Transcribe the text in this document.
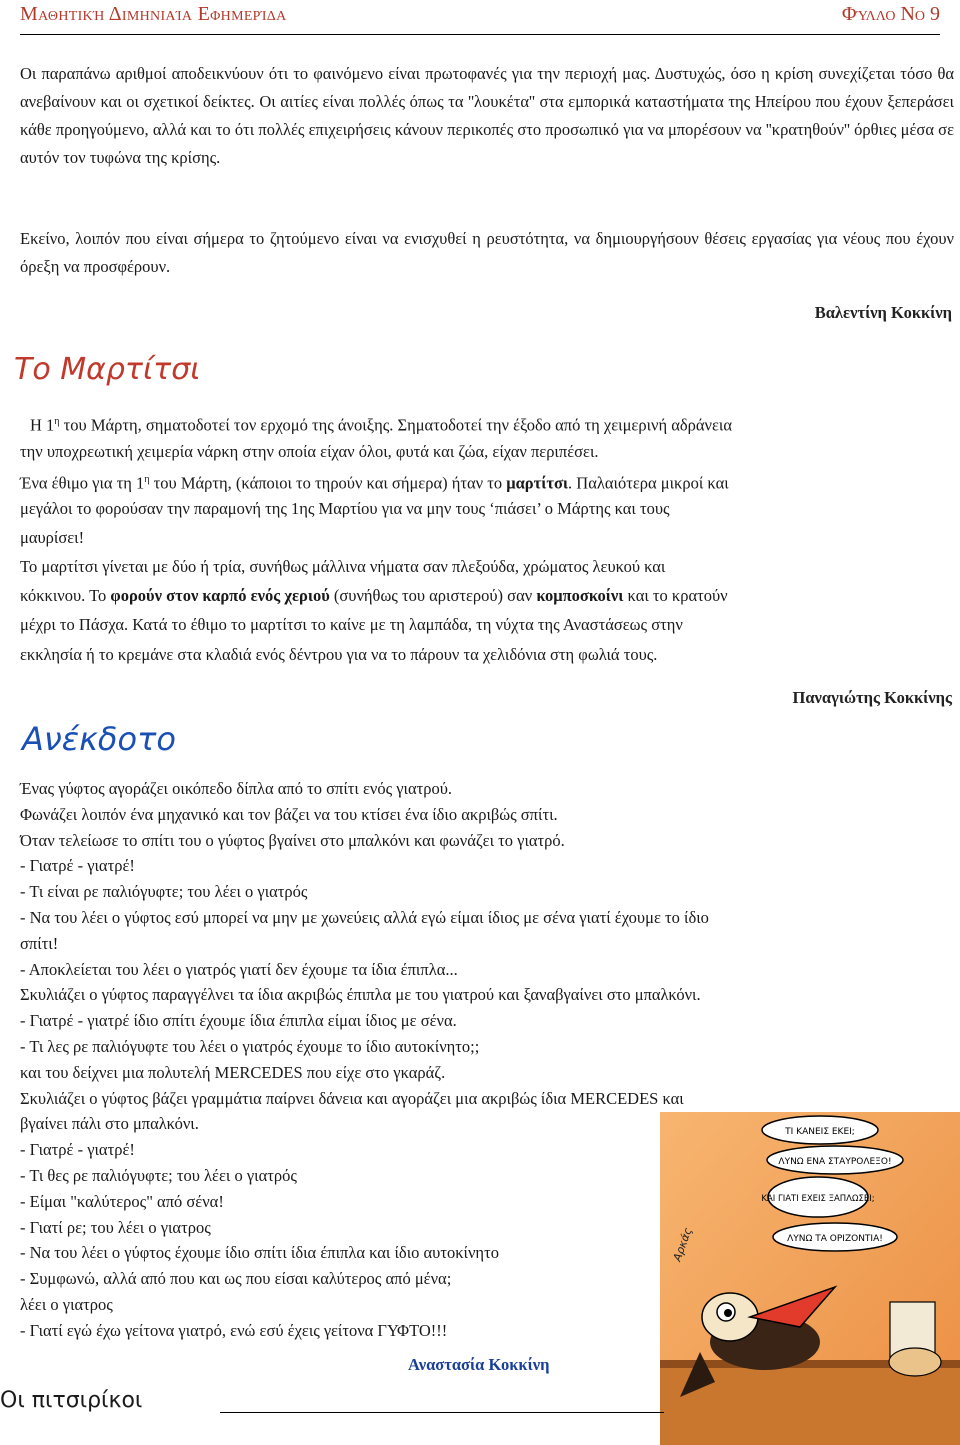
Μαθητική Διμηνιαία Εφημερίδα	Φύλλο Νο 9
Οι παραπάνω αριθμοί αποδεικνύουν ότι το φαινόμενο είναι πρωτοφανές για την περιοχή μας. Δυστυχώς, όσο η κρίση συνεχίζεται τόσο θα ανεβαίνουν και οι σχετικοί δείκτες. Οι αιτίες είναι πολλές όπως τα ''λουκέτα'' στα εμπορικά καταστήματα της Ηπείρου που έχουν ξεπεράσει κάθε προηγούμενο, αλλά και το ότι πολλές επιχειρήσεις κάνουν περικοπές στο προσωπικό για να μπορέσουν να ''κρατηθούν'' όρθιες μέσα σε αυτόν τον τυφώνα της κρίσης.
Εκείνο, λοιπόν που είναι σήμερα το ζητούμενο είναι να ενισχυθεί η ρευστότητα, να δημιουργήσουν θέσεις εργασίας για νέους που έχουν όρεξη να προσφέρουν.
Βαλεντίνη Κοκκίνη
Το Μαρτίτσι
Η $1^\eta$ του Μάρτη, σηματοδοτεί τον ερχομό της άνοιξης. Σηματοδοτεί την έξοδο από τη χειμερινή αδράνεια
την υποχρεωτική χειμερία νάρκη στην οποία είχαν όλοι, φυτά και ζώα, είχαν περιπέσει.
Ένα έθιμο για τη $1^\eta$ του Μάρτη, (κάποιοι το τηρούν και σήμερα) ήταν το μαρτίτσι. Παλαιότερα μικροί και
μεγάλοι το φορούσαν την παραμονή της 1ης Μαρτίου για να μην τους ‘πιάσει’ ο Μάρτης και τους
μαυρίσει!
Το μαρτίτσι γίνεται με δύο ή τρία, συνήθως μάλλινα νήματα σαν πλεξούδα, χρώματος λευκού και
κόκκινου. Το φορούν στον καρπό ενός χεριού (συνήθως του αριστερού) σαν κομποσκοίνι και το κρατούν
μέχρι το Πάσχα. Κατά το έθιμο το μαρτίτσι το καίνε με τη λαμπάδα, τη νύχτα της Αναστάσεως στην
εκκλησία ή το κρεμάνε στα κλαδιά ενός δέντρου για να το πάρουν τα χελιδόνια στη φωλιά τους.
Παναγιώτης Κοκκίνης
Ανέκδοτο
Ένας γύφτος αγοράζει οικόπεδο δίπλα από το σπίτι ενός γιατρού.
Φωνάζει λοιπόν ένα μηχανικό και τον βάζει να του κτίσει ένα ίδιο ακριβώς σπίτι.
Όταν τελείωσε το σπίτι του ο γύφτος βγαίνει στο μπαλκόνι και φωνάζει το γιατρό.
- Γιατρέ - γιατρέ!
- Τι είναι ρε παλιόγυφτε; του λέει ο γιατρός
- Να του λέει ο γύφτος εσύ μπορεί να μην με χωνεύεις αλλά εγώ είμαι ίδιος με σένα γιατί έχουμε το ίδιο
σπίτι!
- Αποκλείεται του λέει ο γιατρός γιατί δεν έχουμε τα ίδια έπιπλα...
Σκυλιάζει ο γύφτος παραγγέλνει τα ίδια ακριβώς έπιπλα με του γιατρού και ξαναβγαίνει στο μπαλκόνι.
- Γιατρέ - γιατρέ ίδιο σπίτι έχουμε ίδια έπιπλα είμαι ίδιος με σένα.
- Τι λες ρε παλιόγυφτε του λέει ο γιατρός έχουμε το ίδιο αυτοκίνητο;;
και του δείχνει μια πολυτελή MERCEDES που είχε στο γκαράζ.
Σκυλιάζει ο γύφτος βάζει γραμμάτια παίρνει δάνεια και αγοράζει μια ακριβώς ίδια MERCEDES και
βγαίνει πάλι στο μπαλκόνι.
- Γιατρέ - γιατρέ!
- Τι θες ρε παλιόγυφτε; του λέει ο γιατρός
- Είμαι "καλύτερος" από σένα!
- Γιατί ρε; του λέει ο γιατρος
- Να του λέει ο γύφτος έχουμε ίδιο σπίτι ίδια έπιπλα και ίδιο αυτοκίνητο
- Συμφωνώ, αλλά από που και ως που είσαι καλύτερος από μένα;
λέει ο γιατρος
- Γιατί εγώ έχω γείτονα γιατρό, ενώ εσύ έχεις γείτονα ΓΥΦΤΟ!!!
Αναστασία Κοκκίνη
ΤΙ ΚΑΝΕΙΣ ΕΚΕΙ;
ΛΥΝΩ ΕΝΑ ΣΤΑΥΡΟΛΕΞΟ!
ΚΑΙ ΓΙΑΤΙ ΕΧΕΙΣ ΞΑΠΛΩΣΕΙ;
ΛΥΝΩ ΤΑ ΟΡΙΖΟΝΤΙΑ!
Αρκάς
Οι πιτσιρίκοι
